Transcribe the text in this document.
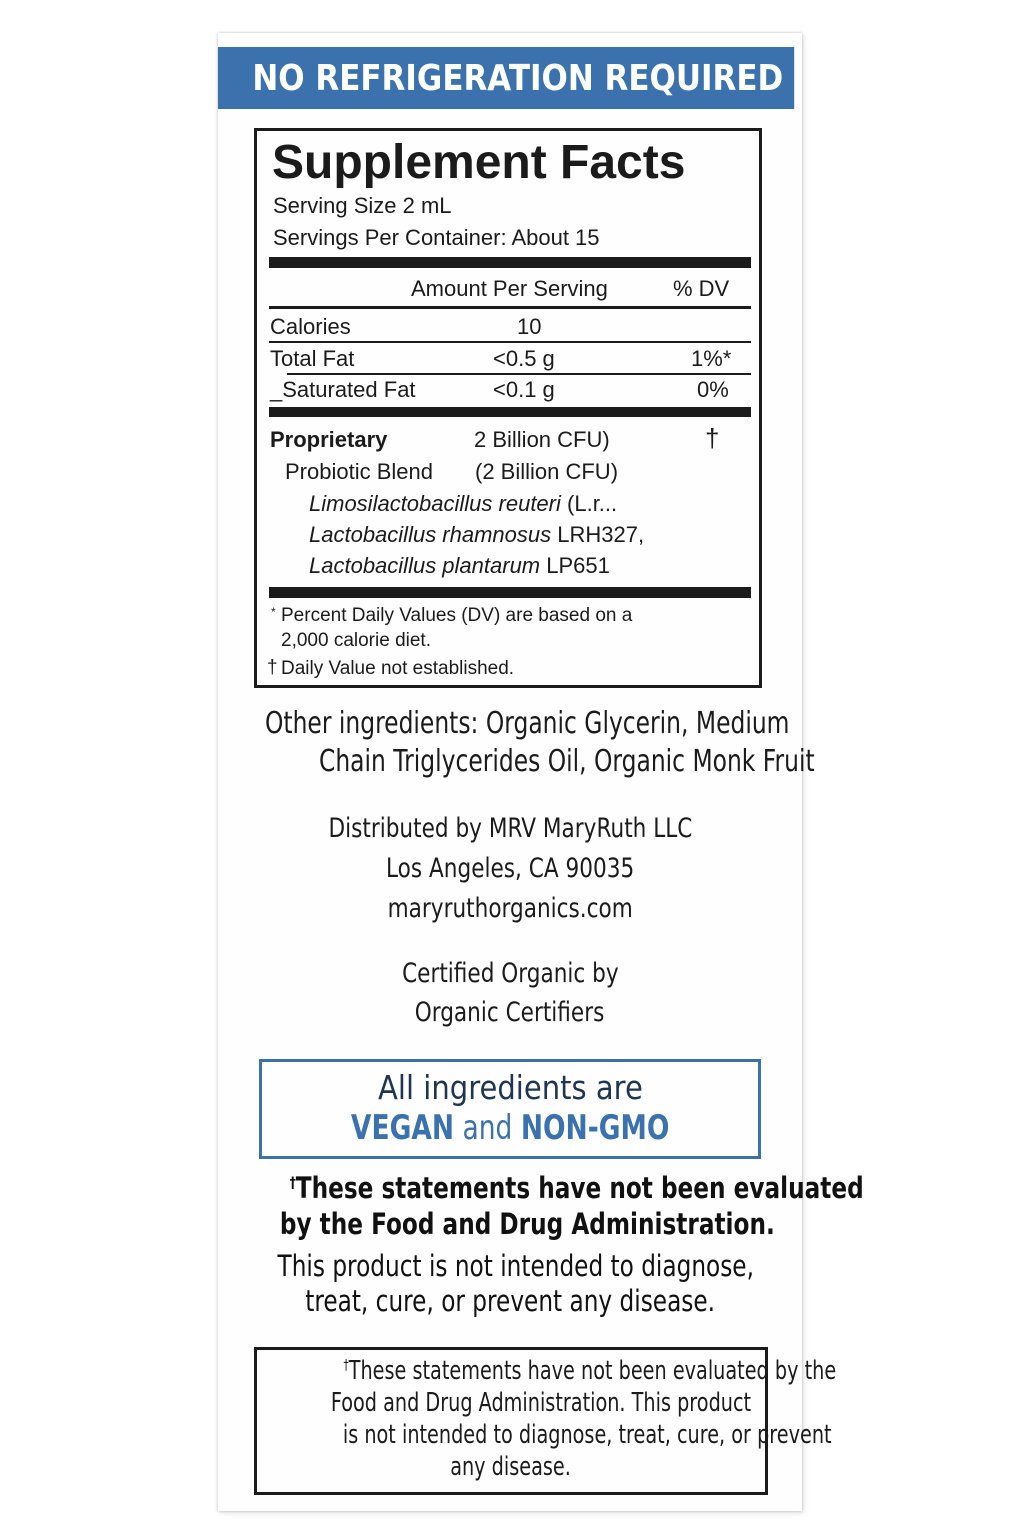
NO REFRIGERATION REQUIRED
Supplement Facts
Serving Size 2 mL
Servings Per Container: About 15
Amount Per Serving	% DV
Calories	10
Total Fat	<0.5 g	1%*
_Saturated Fat	<0.1 g	0%
Proprietary	2 Billion CFU)	†
Probiotic Blend (2 Billion CFU)
Limosilactobacillus reuteri (L.r...
Lactobacillus rhamnosus LRH327,
Lactobacillus plantarum LP651
* Percent Daily Values (DV) are based on a
2,000 calorie diet.
† Daily Value not established.
Other ingredients: Organic Glycerin, Medium
Chain Triglycerides Oil, Organic Monk Fruit
Distributed by MRV MaryRuth LLC
Los Angeles, CA 90035
maryruthorganics.com
Certified Organic by
Organic Certifiers
All ingredients are
VEGAN and NON-GMO
†These statements have not been evaluated
by the Food and Drug Administration.
This product is not intended to diagnose,
treat, cure, or prevent any disease.
†These statements have not been evaluated by the
Food and Drug Administration. This product
is not intended to diagnose, treat, cure, or prevent
any disease.
